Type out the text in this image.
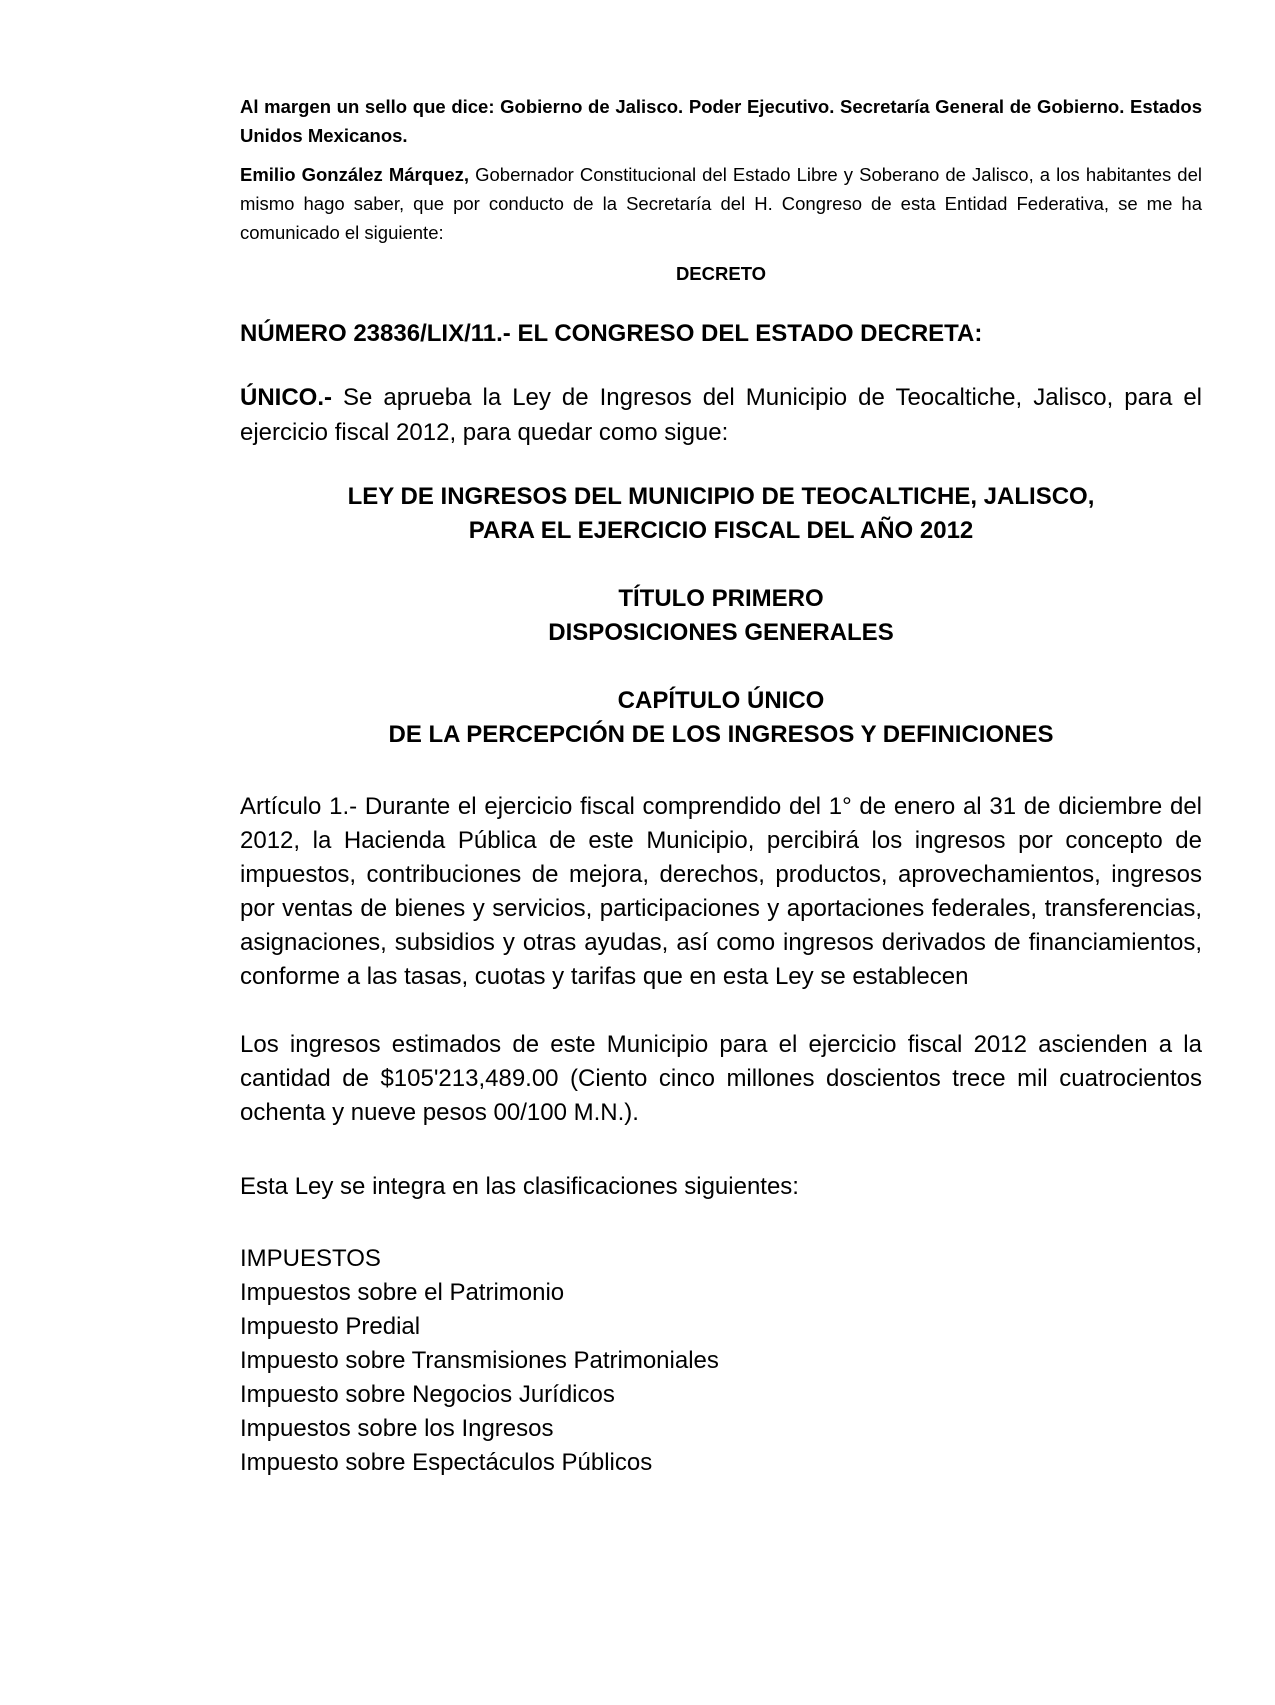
Al margen un sello que dice: Gobierno de Jalisco. Poder Ejecutivo. Secretaría General de Gobierno. Estados Unidos Mexicanos.

Emilio González Márquez, Gobernador Constitucional del Estado Libre y Soberano de Jalisco, a los habitantes del mismo hago saber, que por conducto de la Secretaría del H. Congreso de esta Entidad Federativa, se me ha comunicado el siguiente:

DECRETO
NÚMERO 23836/LIX/11.- EL CONGRESO DEL ESTADO DECRETA:

ÚNICO.- Se aprueba la Ley de Ingresos del Municipio de Teocaltiche, Jalisco, para el ejercicio fiscal 2012, para quedar como sigue:

LEY DE INGRESOS DEL MUNICIPIO DE TEOCALTICHE, JALISCO,
PARA EL EJERCICIO FISCAL DEL AÑO 2012
TÍTULO PRIMERO
DISPOSICIONES GENERALES
CAPÍTULO ÚNICO
DE LA PERCEPCIÓN DE LOS INGRESOS Y DEFINICIONES

Artículo 1.- Durante el ejercicio fiscal comprendido del 1° de enero al 31 de diciembre del 2012, la Hacienda Pública de este Municipio, percibirá los ingresos por concepto de impuestos, contribuciones de mejora, derechos, productos, aprovechamientos, ingresos por ventas de bienes y servicios, participaciones y aportaciones federales, transferencias, asignaciones, subsidios y otras ayudas, así como ingresos derivados de financiamientos, conforme a las tasas, cuotas y tarifas que en esta Ley se establecen

Los ingresos estimados de este Municipio para el ejercicio fiscal 2012 ascienden a la cantidad de $105'213,489.00 (Ciento cinco millones doscientos trece mil cuatrocientos ochenta y nueve pesos 00/100 M.N.).

Esta Ley se integra en las clasificaciones siguientes:

IMPUESTOS
Impuestos sobre el Patrimonio
Impuesto Predial
Impuesto sobre Transmisiones Patrimoniales
Impuesto sobre Negocios Jurídicos
Impuestos sobre los Ingresos
Impuesto sobre Espectáculos Públicos
